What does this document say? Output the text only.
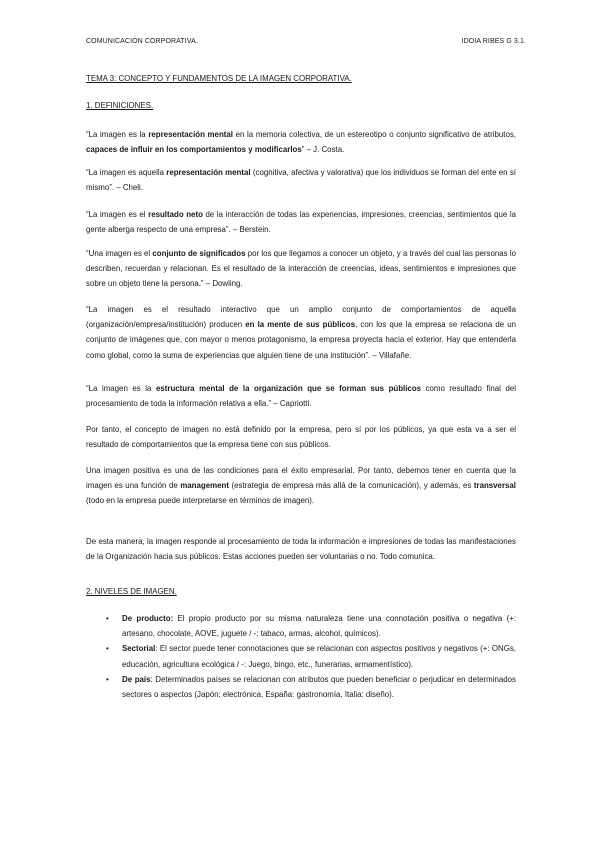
COMUNICACIÓN CORPORATIVA.	IDOIA RIBES G 3.1.
TEMA 3: CONCEPTO Y FUNDAMENTOS DE LA IMAGEN CORPORATIVA.
1. DEFINICIONES.
“La imagen es la representación mental en la memoria colectiva, de un estereotipo o conjunto significativo de atributos, capaces de influir en los comportamientos y modificarlos” – J. Costa.
“La imagen es aquella representación mental (cognitiva, afectiva y valorativa) que los individuos se forman del ente en sí mismo”. – Cheli.
“La imagen es el resultado neto de la interacción de todas las experiencias, impresiones, creencias, sentimientos que la gente alberga respecto de una empresa”. – Berstein.
“Una imagen es el conjunto de significados por los que llegamos a conocer un objeto, y a través del cual las personas lo describen, recuerdan y relacionan. Es el resultado de la interacción de creencias, ideas, sentimientos e impresiones que sobre un objeto tiene la persona.” – Dowling.
“La imagen es el resultado interactivo que un amplio conjunto de comportamientos de aquella (organización/empresa/institución) producen en la mente de sus públicos, con los que la empresa se relaciona de un conjunto de imágenes que, con mayor o menos protagonismo, la empresa proyecta hacia el exterior. Hay que entenderla como global, como la suma de experiencias que alguien tiene de una institución”. – Villafañe.
“La imagen es la estructura mental de la organización que se forman sus públicos como resultado final del procesamiento de toda la información relativa a ella.” – Capriotti.
Por tanto, el concepto de imagen no está definido por la empresa, pero sí por los públicos, ya que esta va a ser el resultado de comportamientos que la empresa tiene con sus públicos.
Una imagen positiva es una de las condiciones para el éxito empresarial. Por tanto, debemos tener en cuenta que la imagen es una función de management (estrategia de empresa más allá de la comunicación), y además, es transversal (todo en la empresa puede interpretarse en términos de imagen).
De esta manera, la imagen responde al procesamiento de toda la información e impresiones de todas las manifestaciones de la Organización hacia sus públicos. Estas acciones pueden ser voluntarias o no. Todo comunica.
2. NIVELES DE IMAGEN.
• De producto: El propio producto por su misma naturaleza tiene una connotación positiva o negativa (+: artesano, chocolate, AOVE, juguete / -: tabaco, armas, alcohol, químicos).
• Sectorial: El sector puede tener connotaciones que se relacionan con aspectos positivos y negativos (+: ONGs, educación, agricultura ecológica / -: Juego, bingo, etc., funerarias, armamentístico).
• De país: Determinados países se relacionan con atributos que pueden beneficiar o perjudicar en determinados sectores o aspectos (Japón: electrónica, España: gastronomía, Italia: diseño).
